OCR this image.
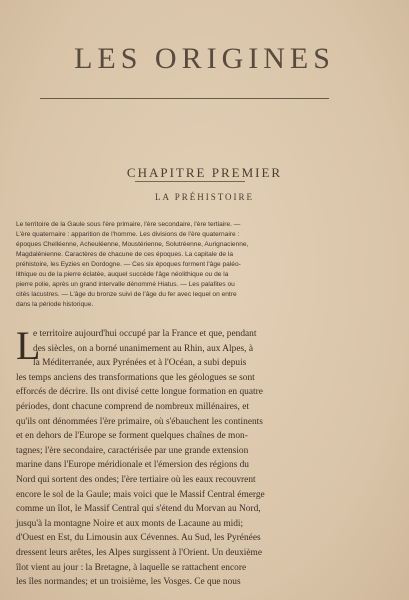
LES ORIGINES
CHAPITRE PREMIER
LA PRÉHISTOIRE
Le territoire de la Gaule sous l'ère primaire, l'ère secondaire, l'ère tertiaire. —
L'ère quaternaire : apparition de l'homme. Les divisions de l'ère quaternaire :
époques Chelléenne, Acheuléenne, Moustérienne, Solutréenne, Aurignacienne,
Magdalénienne. Caractères de chacune de ces époques. La capitale de la
préhistoire, les Eyzies en Dordogne. — Ces six époques forment l'âge paléo-
lithique ou de la pierre éclatée, auquel succède l'âge néolithique ou de la
pierre polie, après un grand intervalle dénommé Hiatus. — Les palafites ou
cités lacustres. — L'âge du bronze suivi de l'âge du fer avec lequel on entre
dans la période historique.
L
e territoire aujourd'hui occupé par la France et que, pendant
des siècles, on a borné unanimement au Rhin, aux Alpes, à
la Méditerranée, aux Pyrénées et à l'Océan, a subi depuis
les temps anciens des transformations que les géologues se sont
efforcés de décrire. Ils ont divisé cette longue formation en quatre
périodes, dont chacune comprend de nombreux millénaires, et
qu'ils ont dénommées l'ère primaire, où s'ébauchent les continents
et en dehors de l'Europe se forment quelques chaînes de mon-
tagnes; l'ère secondaire, caractérisée par une grande extension
marine dans l'Europe méridionale et l'émersion des régions du
Nord qui sortent des ondes; l'ère tertiaire où les eaux recouvrent
encore le sol de la Gaule; mais voici que le Massif Central émerge
comme un îlot, le Massif Central qui s'étend du Morvan au Nord,
jusqu'à la montagne Noire et aux monts de Lacaune au midi;
d'Ouest en Est, du Limousin aux Cévennes. Au Sud, les Pyrénées
dressent leurs arêtes, les Alpes surgissent à l'Orient. Un deuxième
îlot vient au jour : la Bretagne, à laquelle se rattachent encore
les îles normandes; et un troisième, les Vosges. Ce que nous
